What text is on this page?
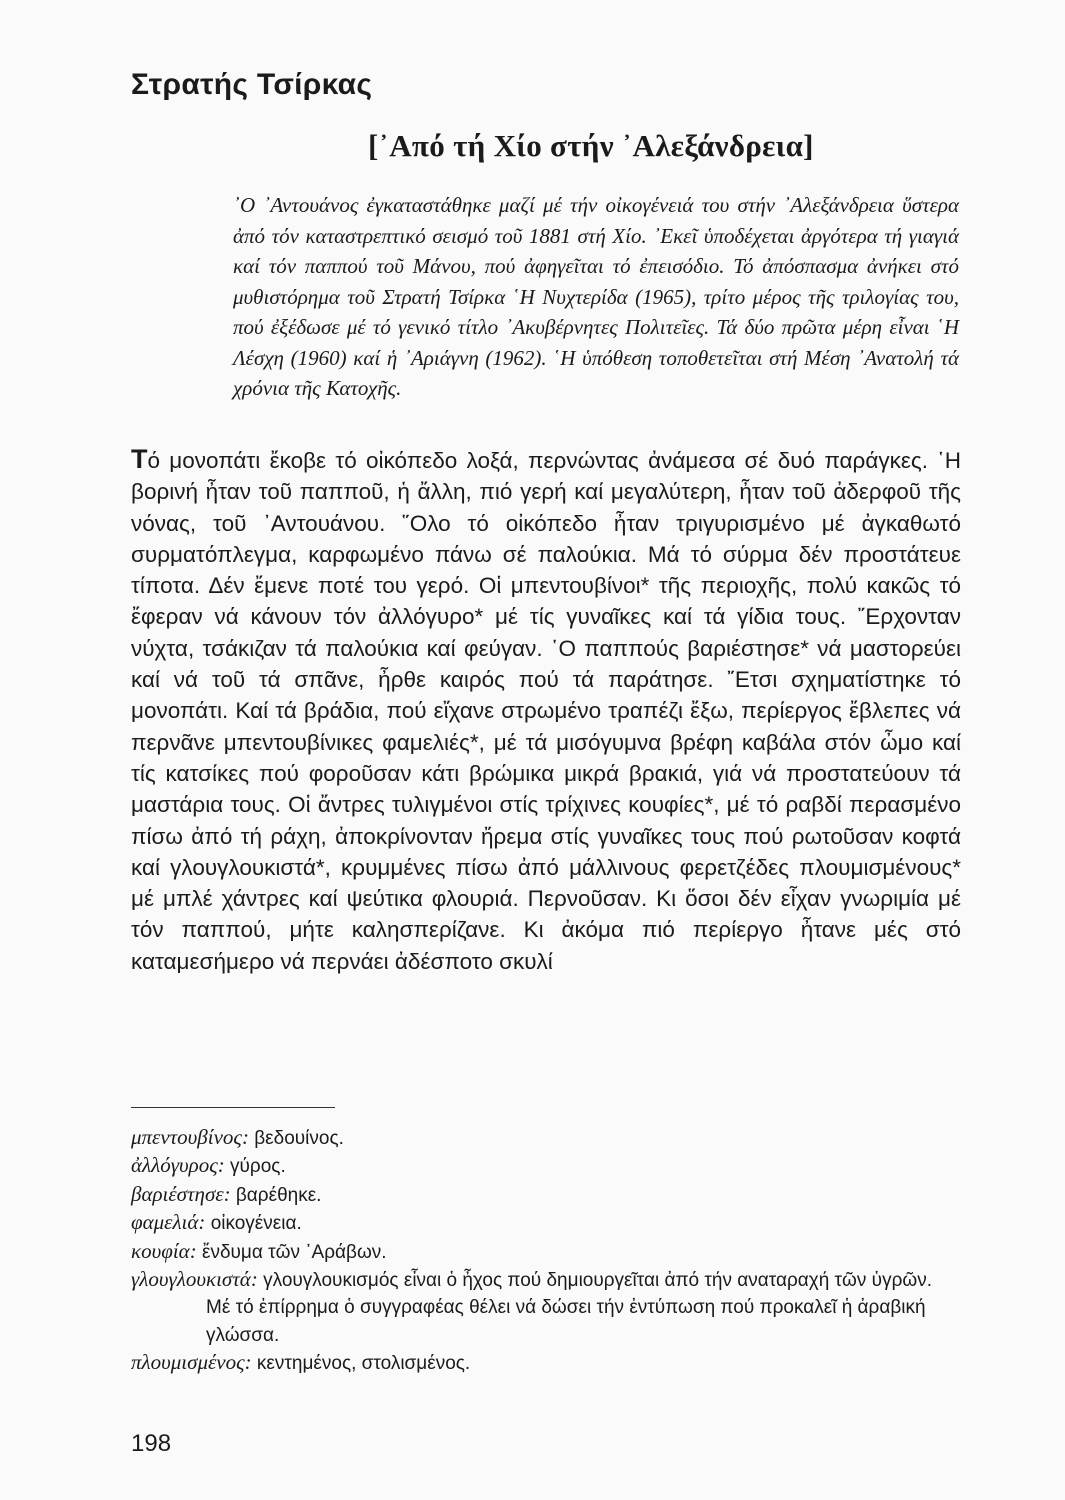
Στρατής Τσίρκας
[᾿Από τή Χίο στήν ᾿Αλεξάνδρεια]

᾿Ο ᾿Αντουάνος ἐγκαταστάθηκε μαζί μέ τήν οἰκογένειά του στήν ᾿Αλεξάνδρεια ὕστερα ἀπό τόν καταστρεπτικό σεισμό τοῦ 1881 στή Χίο. ᾿Εκεῖ ὑποδέχεται ἀργότερα τή γιαγιά καί τόν παππού τοῦ Μάνου, πού ἀφηγεῖται τό ἐπεισόδιο. Τό ἀπόσπασμα ἀνήκει στό μυθιστόρημα τοῦ Στρατή Τσίρκα ῾Η Νυχτερίδα (1965), τρίτο μέρος τῆς τριλογίας του, πού ἐξέδωσε μέ τό γενικό τίτλο ᾿Ακυβέρνητες Πολιτεῖες. Τά δύο πρῶτα μέρη εἶναι ῾Η Λέσχη (1960) καί ἡ ᾿Αριάγνη (1962). ῾Η ὑπόθεση τοποθετεῖται στή Μέση ᾿Ανατολή τά χρόνια τῆς Κατοχῆς.

Τό μονοπάτι ἔκοβε τό οἰκόπεδο λοξά, περνώντας ἀνάμεσα σέ δυό παράγκες. ῾Η βορινή ἦταν τοῦ παπποῦ, ἡ ἄλλη, πιό γερή καί μεγαλύτερη, ἦταν τοῦ ἀδερφοῦ τῆς νόνας, τοῦ ᾿Αντουάνου. ῞Ολο τό οἰκόπεδο ἦταν τριγυρισμένο μέ ἀγκαθωτό συρματόπλεγμα, καρφωμένο πάνω σέ παλούκια. Μά τό σύρμα δέν προστάτευε τίποτα. Δέν ἔμενε ποτέ του γερό. Οἱ μπεντουβίνοι* τῆς περιοχῆς, πολύ κακῶς τό ἔφεραν νά κάνουν τόν ἀλλόγυρο* μέ τίς γυναῖκες καί τά γίδια τους. ῎Ερχονταν νύχτα, τσάκιζαν τά παλούκια καί φεύγαν. ῾Ο παππούς βαριέστησε* νά μαστορεύει καί νά τοῦ τά σπᾶνε, ἦρθε καιρός πού τά παράτησε. ῎Ετσι σχηματίστηκε τό μονοπάτι. Καί τά βράδια, πού εἴχανε στρωμένο τραπέζι ἔξω, περίεργος ἔβλεπες νά περνᾶνε μπεντουβίνικες φαμελιές*, μέ τά μισόγυμνα βρέφη καβάλα στόν ὦμο καί τίς κατσίκες πού φοροῦσαν κάτι βρώμικα μικρά βρακιά, γιά νά προστατεύουν τά μαστάρια τους. Οἱ ἄντρες τυλιγμένοι στίς τρίχινες κουφίες*, μέ τό ραβδί περασμένο πίσω ἀπό τή ράχη, ἀποκρίνονταν ἤρεμα στίς γυναῖκες τους πού ρωτοῦσαν κοφτά καί γλουγλουκιστά*, κρυμμένες πίσω ἀπό μάλλινους φερετζέδες πλουμισμένους* μέ μπλέ χάντρες καί ψεύτικα φλουριά. Περνοῦσαν. Κι ὅσοι δέν εἶχαν γνωριμία μέ τόν παππού, μήτε καλησπερίζανε. Κι ἀκόμα πιό περίεργο ἦτανε μές στό καταμεσήμερο νά περνάει ἀδέσποτο σκυλί

μπεντουβίνος: βεδουίνος.

ἀλλόγυρος: γύρος.

βαριέστησε: βαρέθηκε.

φαμελιά: οἰκογένεια.

κουφία: ἔνδυμα τῶν ᾿Αράβων.

γλουγλουκιστά: γλουγλουκισμός εἶναι ὁ ἦχος πού δημιουργεῖται ἀπό τήν αναταραχή τῶν ὑγρῶν. Μέ τό ἐπίρρημα ὁ συγγραφέας θέλει νά δώσει τήν ἐντύπωση πού προκαλεῖ ἡ ἀραβική γλώσσα.

πλουμισμένος: κεντημένος, στολισμένος.

198
